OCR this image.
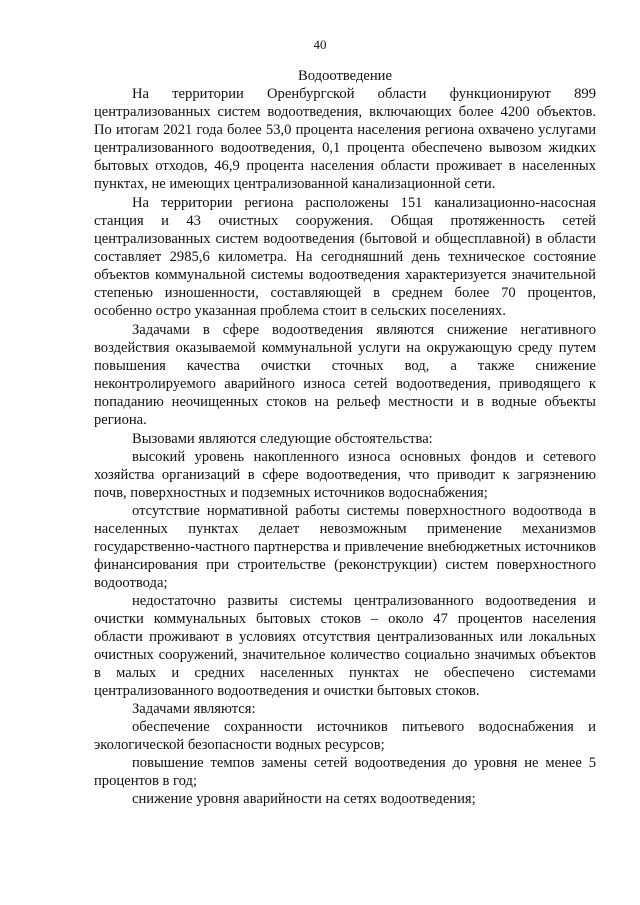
40
Водоотведение

На территории Оренбургской области функционируют 899 централизованных систем водоотведения, включающих более 4200 объектов. По итогам 2021 года более 53,0 процента населения региона охвачено услугами централизованного водоотведения, 0,1 процента обеспечено вывозом жидких бытовых отходов, 46,9 процента населения области проживает в населенных пунктах, не имеющих централизованной канализационной сети.

На территории региона расположены 151 канализационно-насосная станция и 43 очистных сооружения. Общая протяженность сетей централизованных систем водоотведения (бытовой и общесплавной) в области составляет 2985,6 километра. На сегодняшний день техническое состояние объектов коммунальной системы водоотведения характеризуется значительной степенью изношенности, составляющей в среднем более 70 процентов, особенно остро указанная проблема стоит в сельских поселениях.

Задачами в сфере водоотведения являются снижение негативного воздействия оказываемой коммунальной услуги на окружающую среду путем повышения качества очистки сточных вод, а также снижение неконтролируемого аварийного износа сетей водоотведения, приводящего к попаданию неочищенных стоков на рельеф местности и в водные объекты региона.

Вызовами являются следующие обстоятельства:

высокий уровень накопленного износа основных фондов и сетевого хозяйства организаций в сфере водоотведения, что приводит к загрязнению почв, поверхностных и подземных источников водоснабжения;

отсутствие нормативной работы системы поверхностного водоотвода в населенных пунктах делает невозможным применение механизмов государственно-частного партнерства и привлечение внебюджетных источников финансирования при строительстве (реконструкции) систем поверхностного водоотвода;

недостаточно развиты системы централизованного водоотведения и очистки коммунальных бытовых стоков – около 47 процентов населения области проживают в условиях отсутствия централизованных или локальных очистных сооружений, значительное количество социально значимых объектов в малых и средних населенных пунктах не обеспечено системами централизованного водоотведения и очистки бытовых стоков.

Задачами являются:

обеспечение сохранности источников питьевого водоснабжения и экологической безопасности водных ресурсов;

повышение темпов замены сетей водоотведения до уровня не менее 5 процентов в год;

снижение уровня аварийности на сетях водоотведения;
